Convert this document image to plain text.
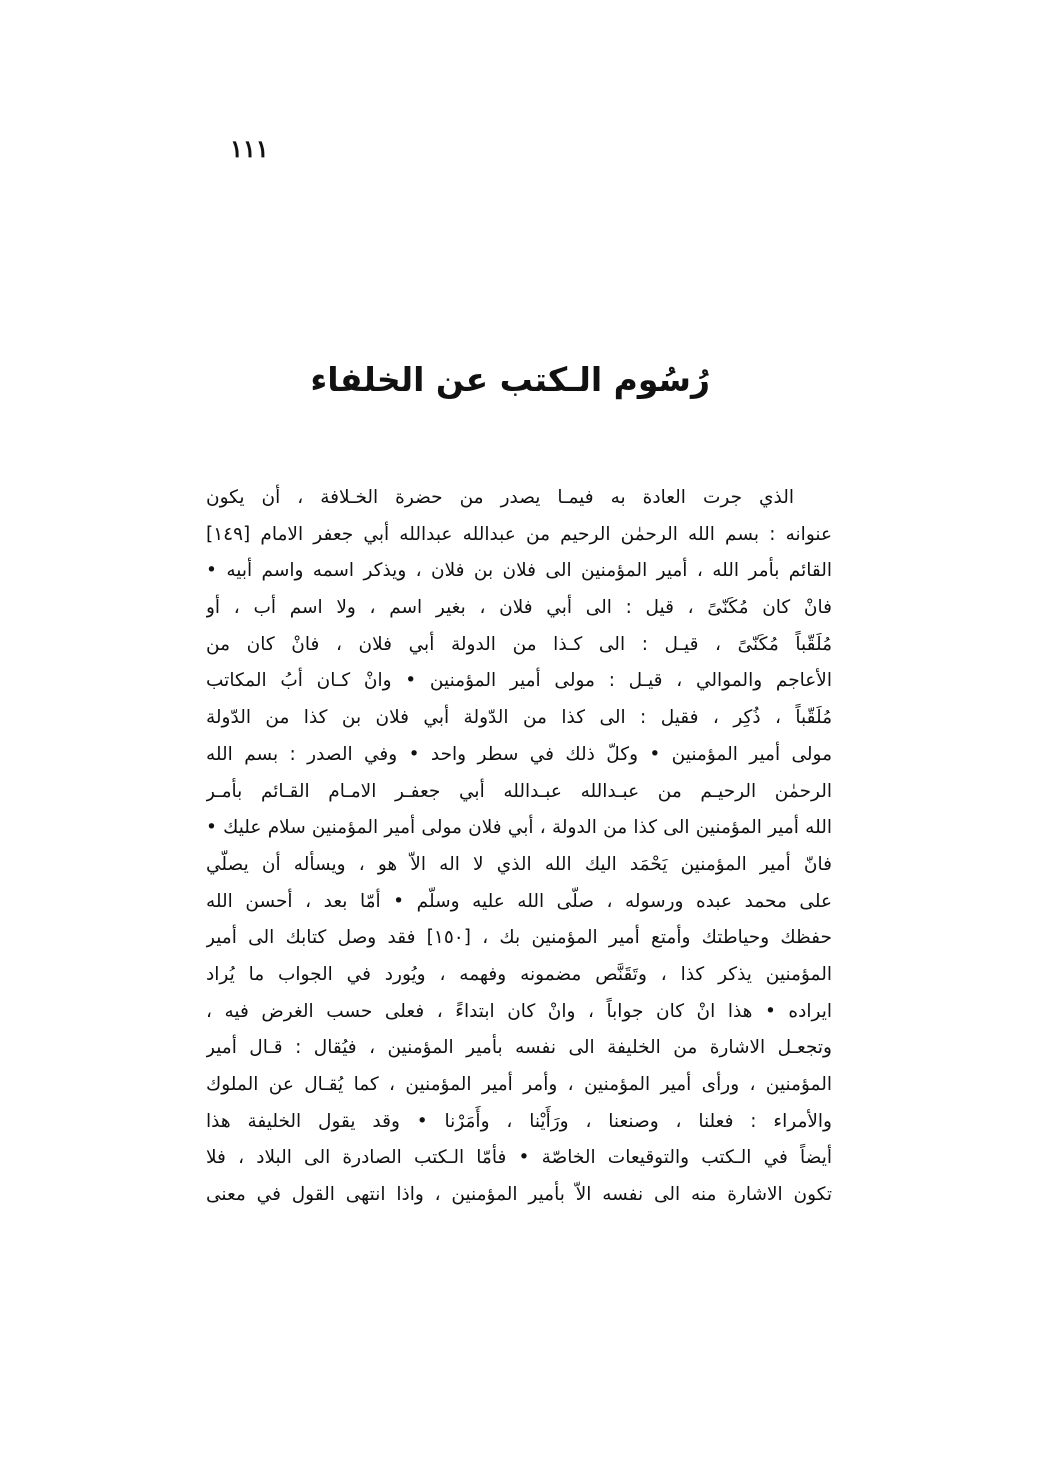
١١١
رُسُوم الـكتب عن الخلفاء
الذي جرت العادة به فيمـا يصدر من حضرة الخـلافة ، أن يكون
عنوانه : بسم الله الرحمٰن الرحيم من عبدالله عبدالله أبي جعفر الامام [١٤٩]
القائم بأمر الله ، أمير المؤمنين الى فلان بن فلان ، ويذكر اسمه واسم أبيه •
فانْ كان مُكَنّىً ، قيل : الى أبي فلان ، بغير اسم ، ولا اسم أب ، أو
مُلَقّباً مُكَنّىً ، قيـل : الى كـذا من الدولة أبي فلان ، فانْ كان من
الأعاجم والموالي ، قيـل : مولى أمير المؤمنين • وانْ كـان أبُ المكاتب
مُلَقّباً ، ذُكِر ، فقيل : الى كذا من الدّولة أبي فلان بن كذا من الدّولة
مولى أمير المؤمنين • وكلّ ذلك في سطر واحد • وفي الصدر : بسم الله
الرحمٰن الرحيـم من عبـدالله عبـدالله أبي جعفـر الامـام القـائم بأمـر
الله أمير المؤمنين الى كذا من الدولة ، أبي فلان مولى أمير المؤمنين سلام عليك •
فانّ أمير المؤمنين يَحْمَد اليك الله الذي لا اله الاّ هو ، ويسأله أن يصلّي
على محمد عبده ورسوله ، صلّى الله عليه وسلّم • أمّا بعد ، أحسن الله
حفظك وحياطتك وأمتع أمير المؤمنين بك ، [١٥٠] فقد وصل كتابك الى أمير
المؤمنين يذكر كذا ، وتَقَنَّص مضمونه وفهمه ، ويُورد في الجواب ما يُراد
ايراده • هذا انْ كان جواباً ، وانْ كان ابتداءً ، فعلى حسب الغرض فيه ،
وتجعـل الاشارة من الخليفة الى نفسه بأمير المؤمنين ، فيُقال : قـال أمير
المؤمنين ، ورأى أمير المؤمنين ، وأمر أمير المؤمنين ، كما يُقـال عن الملوك
والأمراء : فعلنا ، وصنعنا ، ورَأَيْنا ، وأَمَرْنا • وقد يقول الخليفة هذا
أيضاً في الـكتب والتوقيعات الخاصّة • فأمّا الـكتب الصادرة الى البلاد ، فلا
تكون الاشارة منه الى نفسه الاّ بأمير المؤمنين ، واذا انتهى القول في معنى
